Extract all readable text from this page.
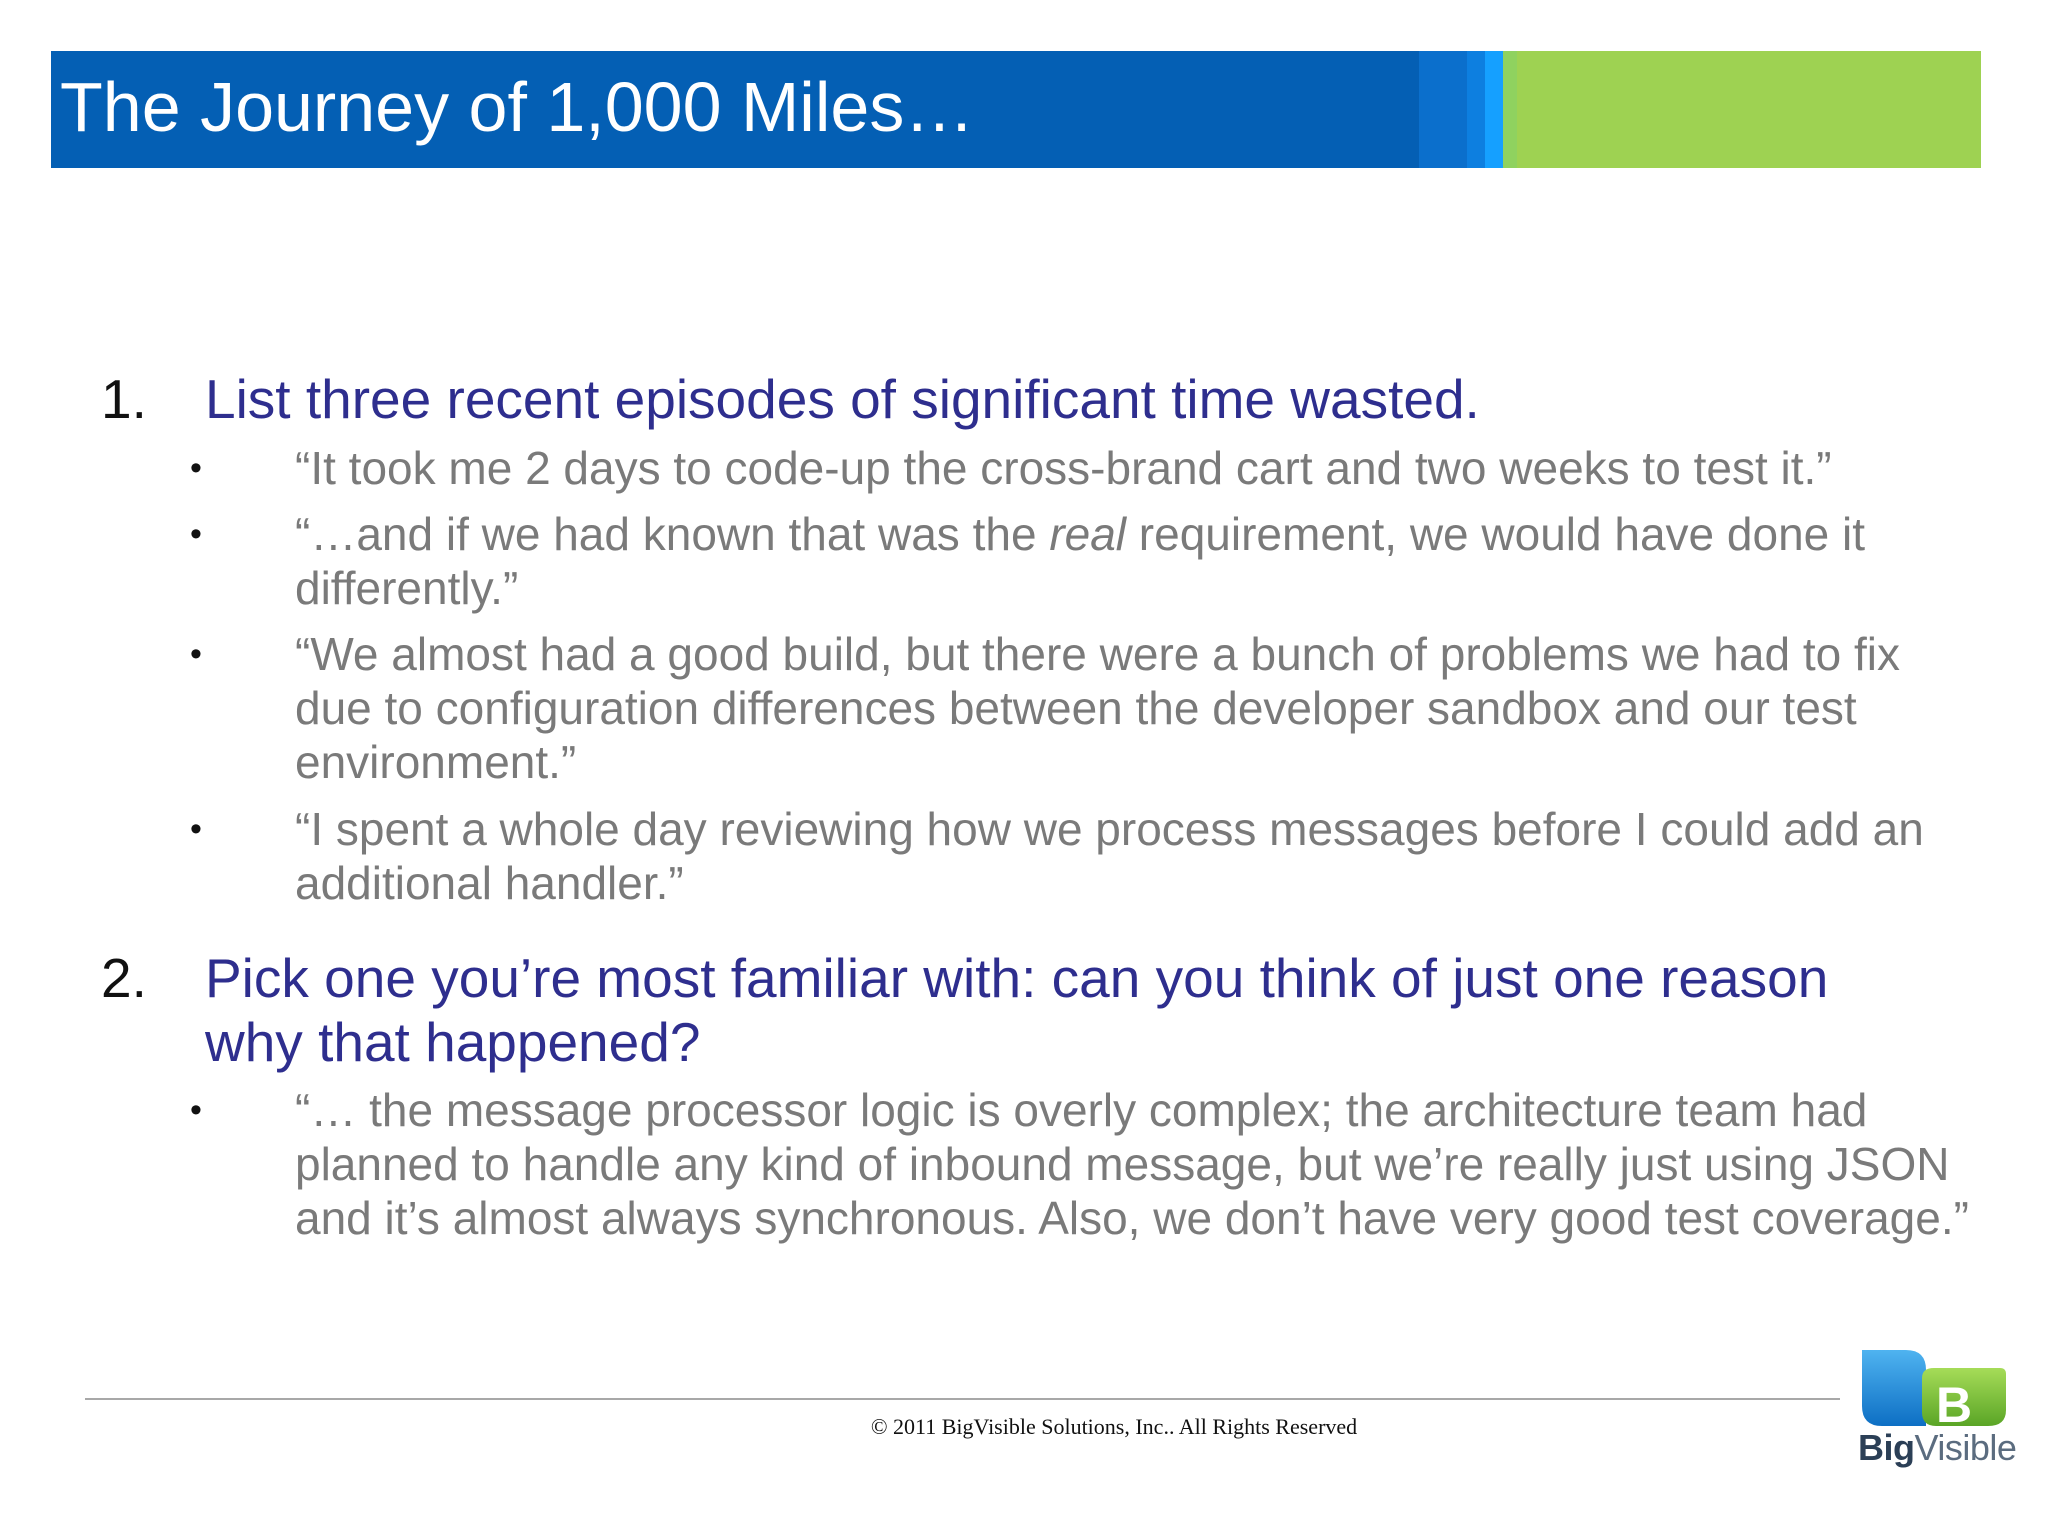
The Journey of 1,000 Miles…
1. List three recent episodes of significant time wasted.
• “It took me 2 days to code-up the cross-brand cart and two weeks to test it.”

• “…and if we had known that was the real requirement, we would have done it differently.”

• “We almost had a good build, but there were a bunch of problems we had to fix due to configuration differences between the developer sandbox and our test environment.”

• “I spent a whole day reviewing how we process messages before I could add an additional handler.”

2. Pick one you’re most familiar with: can you think of just one reason why that happened?
• “… the message processor logic is overly complex; the architecture team had planned to handle any kind of inbound message, but we’re really just using JSON and it’s almost always synchronous. Also, we don’t have very good test coverage.”

© 2011 BigVisible Solutions, Inc.. All Rights Reserved	B
BigVisible
